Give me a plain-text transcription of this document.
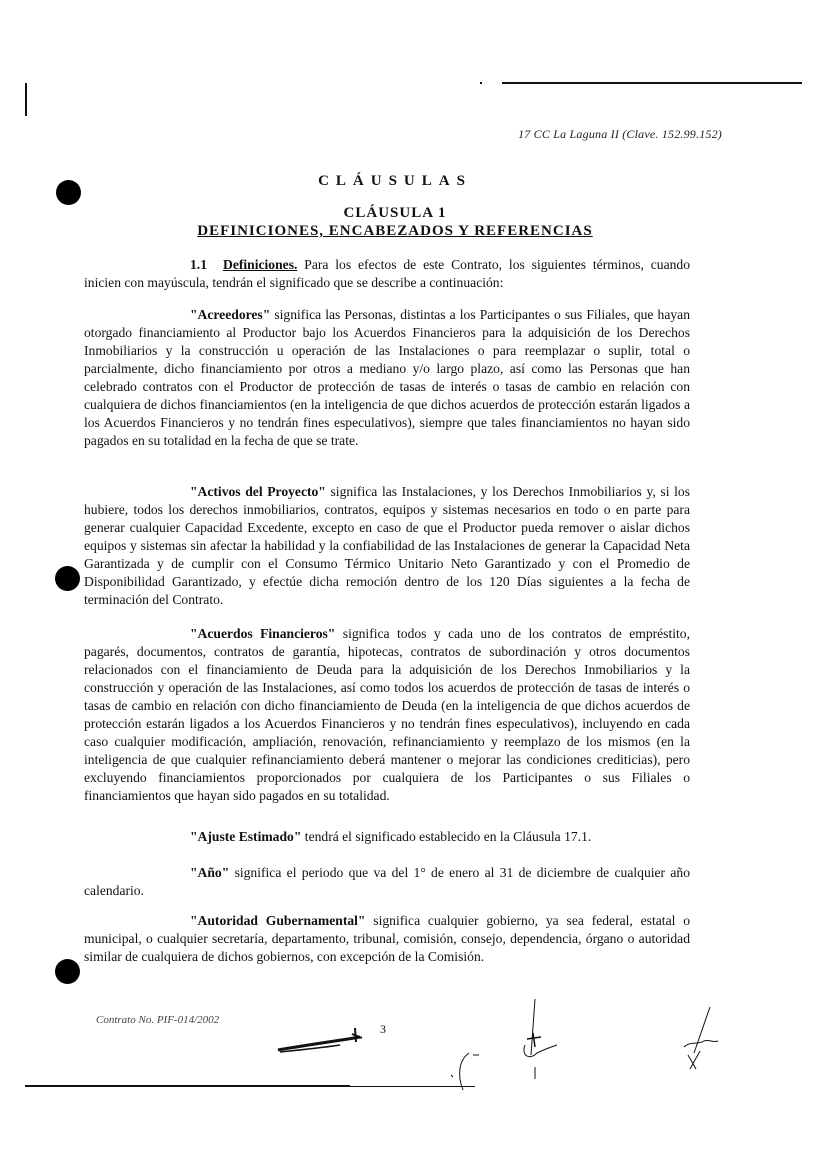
17 CC La Laguna II (Clave. 152.99.152)
CLÁUSULAS
CLÁUSULA 1
DEFINICIONES, ENCABEZADOS Y REFERENCIAS
1.1 Definiciones. Para los efectos de este Contrato, los siguientes términos, cuando inicien con mayúscula, tendrán el significado que se describe a continuación:
"Acreedores" significa las Personas, distintas a los Participantes o sus Filiales, que hayan otorgado financiamiento al Productor bajo los Acuerdos Financieros para la adquisición de los Derechos Inmobiliarios y la construcción u operación de las Instalaciones o para reemplazar o suplir, total o parcialmente, dicho financiamiento por otros a mediano y/o largo plazo, así como las Personas que han celebrado contratos con el Productor de protección de tasas de interés o tasas de cambio en relación con cualquiera de dichos financiamientos (en la inteligencia de que dichos acuerdos de protección estarán ligados a los Acuerdos Financieros y no tendrán fines especulativos), siempre que tales financiamientos no hayan sido pagados en su totalidad en la fecha de que se trate.
"Activos del Proyecto" significa las Instalaciones, y los Derechos Inmobiliarios y, si los hubiere, todos los derechos inmobiliarios, contratos, equipos y sistemas necesarios en todo o en parte para generar cualquier Capacidad Excedente, excepto en caso de que el Productor pueda remover o aislar dichos equipos y sistemas sin afectar la habilidad y la confiabilidad de las Instalaciones de generar la Capacidad Neta Garantizada y de cumplir con el Consumo Térmico Unitario Neto Garantizado y con el Promedio de Disponibilidad Garantizado, y efectúe dicha remoción dentro de los 120 Días siguientes a la fecha de terminación del Contrato.
"Acuerdos Financieros" significa todos y cada uno de los contratos de empréstito, pagarés, documentos, contratos de garantía, hipotecas, contratos de subordinación y otros documentos relacionados con el financiamiento de Deuda para la adquisición de los Derechos Inmobiliarios y la construcción y operación de las Instalaciones, así como todos los acuerdos de protección de tasas de interés o tasas de cambio en relación con dicho financiamiento de Deuda (en la inteligencia de que dichos acuerdos de protección estarán ligados a los Acuerdos Financieros y no tendrán fines especulativos), incluyendo en cada caso cualquier modificación, ampliación, renovación, refinanciamiento y reemplazo de los mismos (en la inteligencia de que cualquier refinanciamiento deberá mantener o mejorar las condiciones crediticias), pero excluyendo financiamientos proporcionados por cualquiera de los Participantes o sus Filiales o financiamientos que hayan sido pagados en su totalidad.
"Ajuste Estimado" tendrá el significado establecido en la Cláusula 17.1.
"Año" significa el periodo que va del 1° de enero al 31 de diciembre de cualquier año calendario.
"Autoridad Gubernamental" significa cualquier gobierno, ya sea federal, estatal o municipal, o cualquier secretaría, departamento, tribunal, comisión, consejo, dependencia, órgano o autoridad similar de cualquiera de dichos gobiernos, con excepción de la Comisión.
Contrato No. PIF-014/2002
3
